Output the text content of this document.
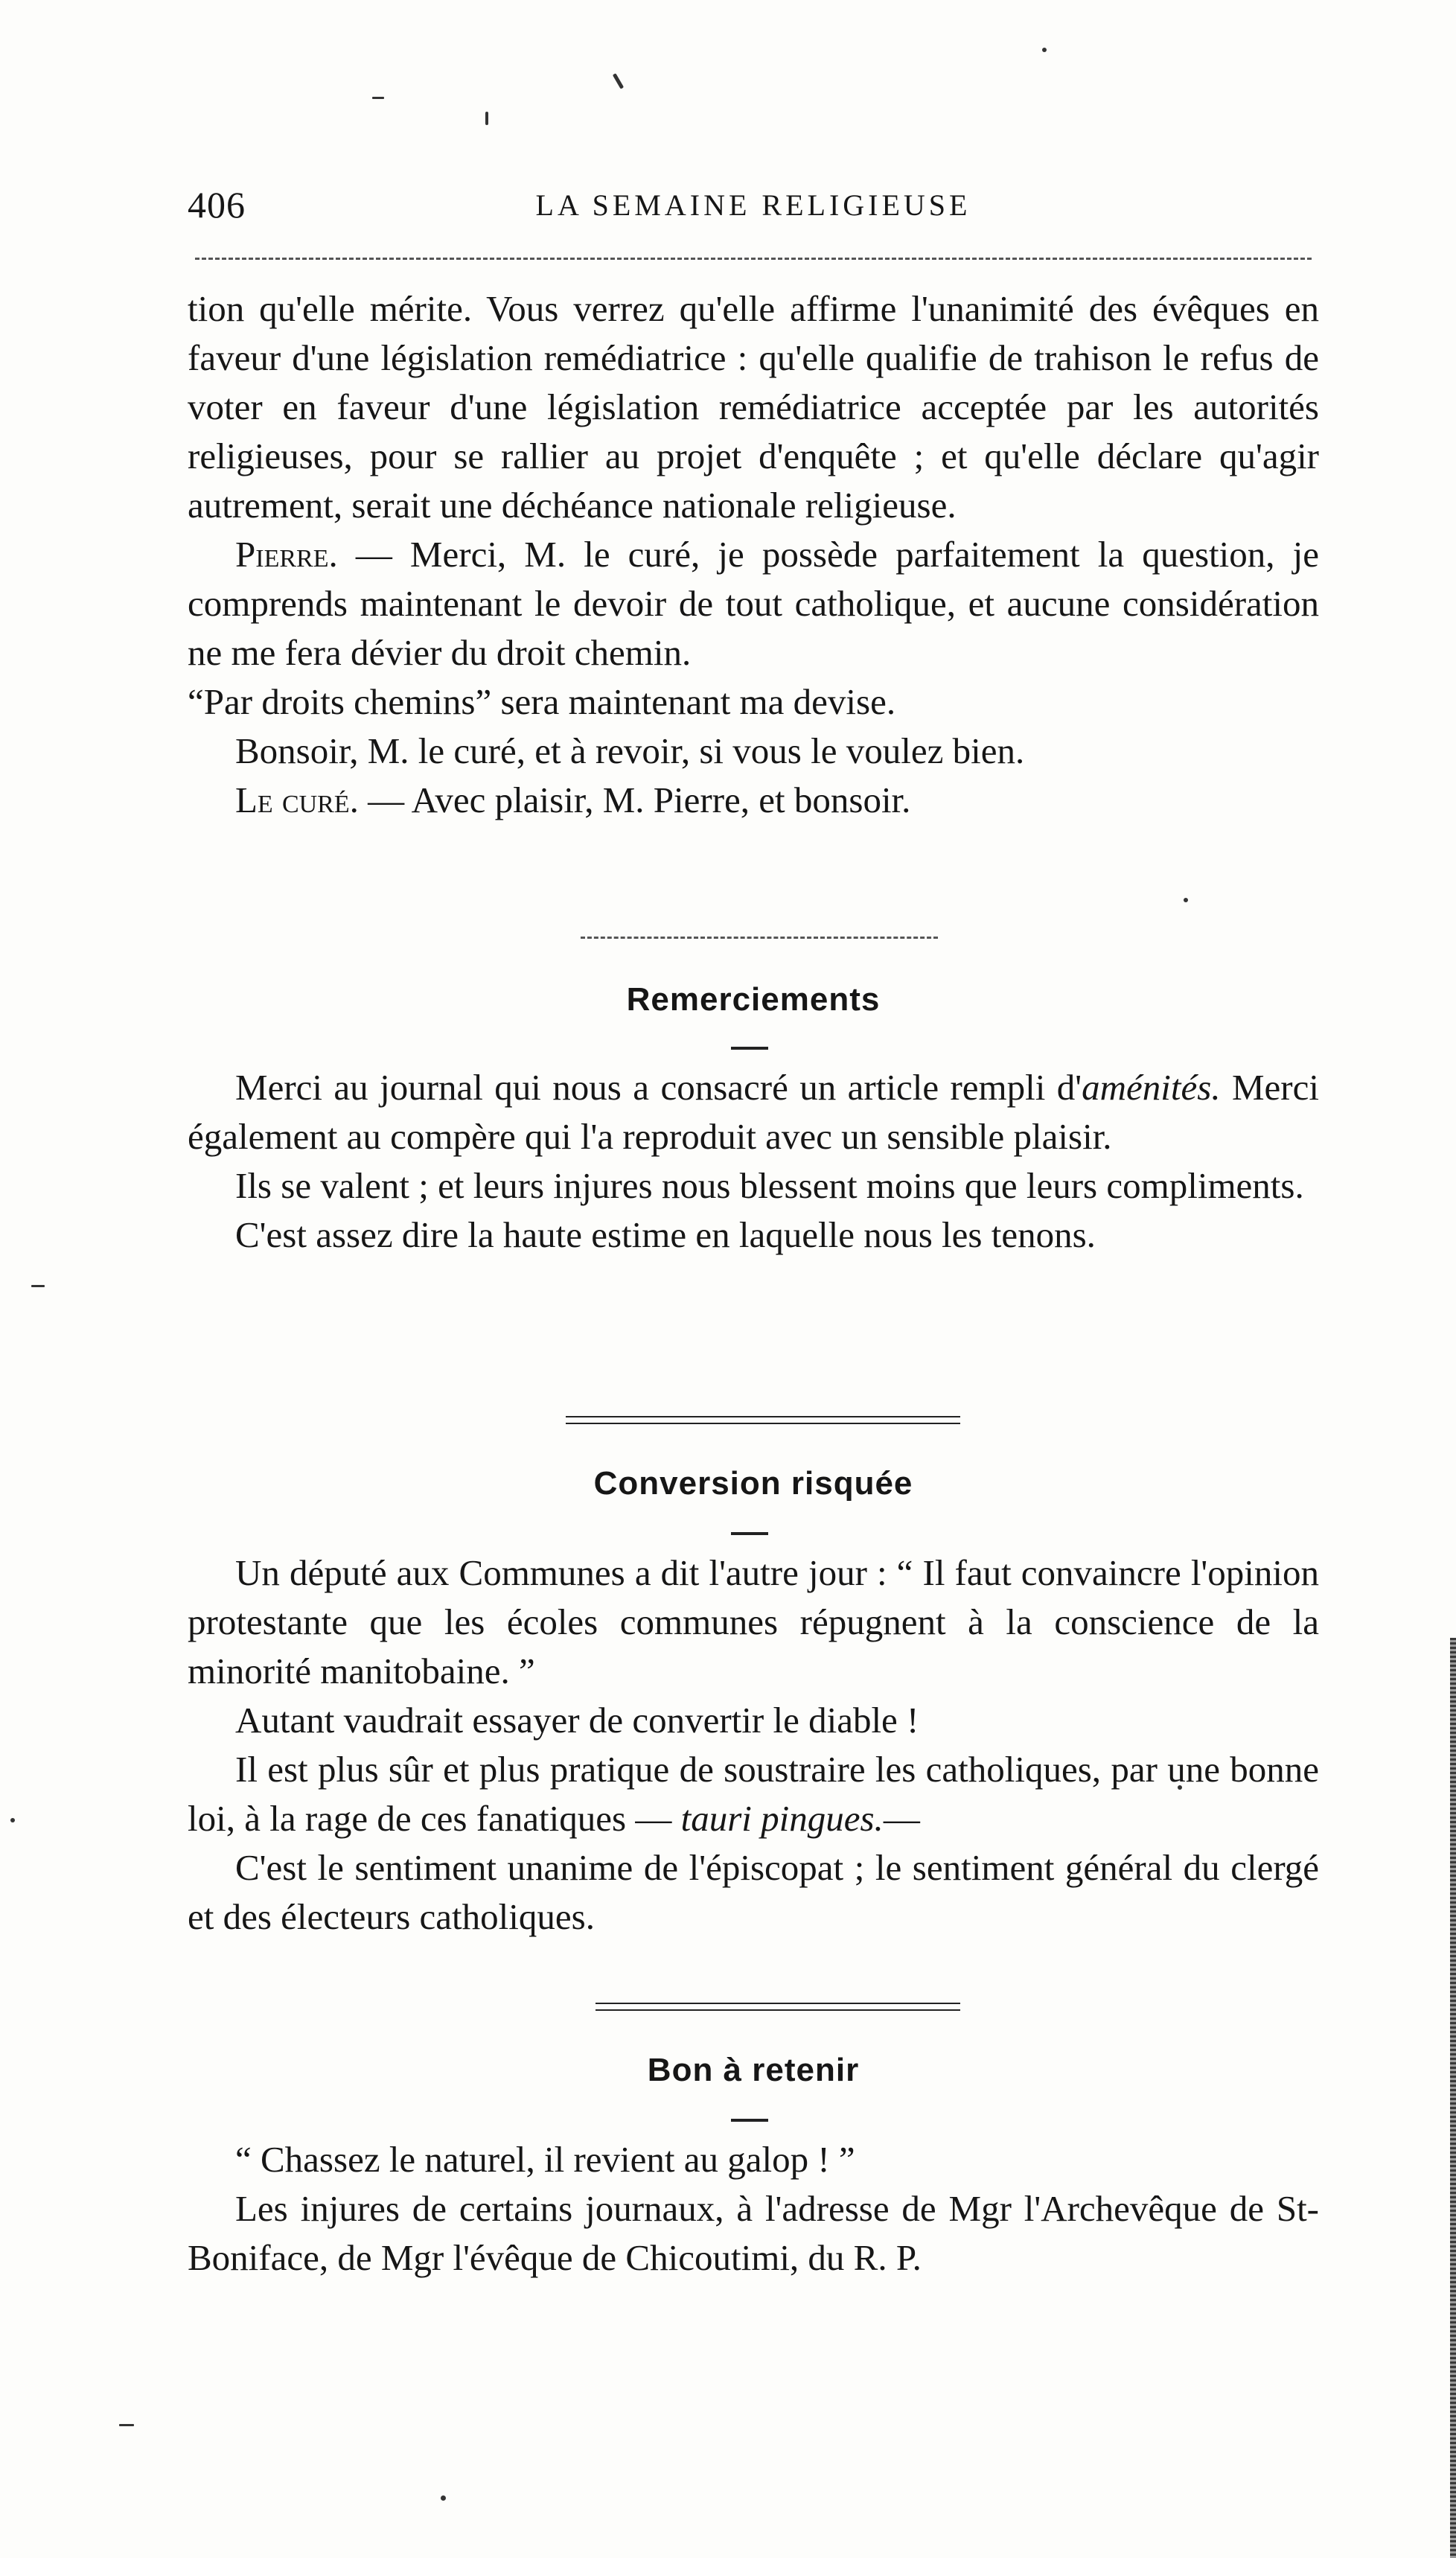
406	LA SEMAINE RELIGIEUSE

tion qu'elle mérite. Vous verrez qu'elle affirme l'unanimité des évêques en faveur d'une législation remédiatrice : qu'elle qualifie de trahison le refus de voter en faveur d'une législation remédiatrice acceptée par les autorités religieuses, pour se rallier au projet d'enquête ; et qu'elle déclare qu'agir autrement, serait une déchéance nationale religieuse.

Pierre. — Merci, M. le curé, je possède parfaitement la question, je comprends maintenant le devoir de tout catholique, et aucune considération ne me fera dévier du droit chemin.

“Par droits chemins” sera maintenant ma devise.

Bonsoir, M. le curé, et à revoir, si vous le voulez bien.

Le curé. — Avec plaisir, M. Pierre, et bonsoir.

Remerciements

Merci au journal qui nous a consacré un article rempli d'aménités. Merci également au compère qui l'a reproduit avec un sensible plaisir.

Ils se valent ; et leurs injures nous blessent moins que leurs compliments.

C'est assez dire la haute estime en laquelle nous les tenons.

Conversion risquée

Un député aux Communes a dit l'autre jour : “ Il faut convaincre l'opinion protestante que les écoles communes répugnent à la conscience de la minorité manitobaine. ”

Autant vaudrait essayer de convertir le diable !

Il est plus sûr et plus pratique de soustraire les catholiques, par une bonne loi, à la rage de ces fanatiques — tauri pingues.—

C'est le sentiment unanime de l'épiscopat ; le sentiment général du clergé et des électeurs catholiques.

Bon à retenir

“ Chassez le naturel, il revient au galop ! ”

Les injures de certains journaux, à l'adresse de Mgr l'Archevêque de St-Boniface, de Mgr l'évêque de Chicoutimi, du R. P.
